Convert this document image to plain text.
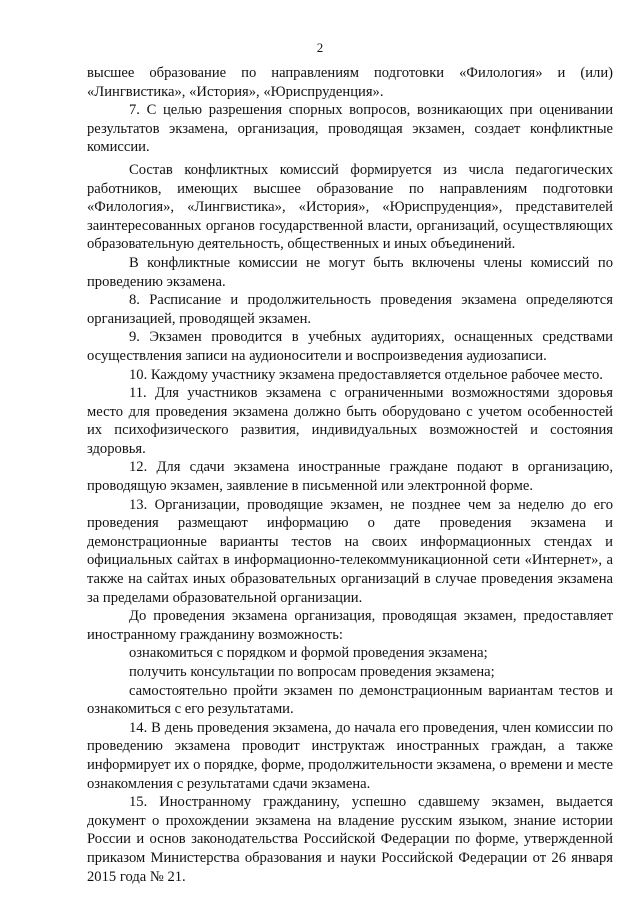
2

высшее образование по направлениям подготовки «Филология» и (или) «Лингвистика», «История», «Юриспруденция».

7. С целью разрешения спорных вопросов, возникающих при оценивании результатов экзамена, организация, проводящая экзамен, создает конфликтные комиссии.

Состав конфликтных комиссий формируется из числа педагогических работников, имеющих высшее образование по направлениям подготовки «Филология», «Лингвистика», «История», «Юриспруденция», представителей заинтересованных органов государственной власти, организаций, осуществляющих образовательную деятельность, общественных и иных объединений.

В конфликтные комиссии не могут быть включены члены комиссий по проведению экзамена.

8. Расписание и продолжительность проведения экзамена определяются организацией, проводящей экзамен.

9. Экзамен проводится в учебных аудиториях, оснащенных средствами осуществления записи на аудионосители и воспроизведения аудиозаписи.

10. Каждому участнику экзамена предоставляется отдельное рабочее место.

11. Для участников экзамена с ограниченными возможностями здоровья место для проведения экзамена должно быть оборудовано с учетом особенностей их психофизического развития, индивидуальных возможностей и состояния здоровья.

12. Для сдачи экзамена иностранные граждане подают в организацию, проводящую экзамен, заявление в письменной или электронной форме.

13. Организации, проводящие экзамен, не позднее чем за неделю до его проведения размещают информацию о дате проведения экзамена и демонстрационные варианты тестов на своих информационных стендах и официальных сайтах в информационно-телекоммуникационной сети «Интернет», а также на сайтах иных образовательных организаций в случае проведения экзамена за пределами образовательной организации.

До проведения экзамена организация, проводящая экзамен, предоставляет иностранному гражданину возможность:

ознакомиться с порядком и формой проведения экзамена;

получить консультации по вопросам проведения экзамена;

самостоятельно пройти экзамен по демонстрационным вариантам тестов и ознакомиться с его результатами.

14. В день проведения экзамена, до начала его проведения, член комиссии по проведению экзамена проводит инструктаж иностранных граждан, а также информирует их о порядке, форме, продолжительности экзамена, о времени и месте ознакомления с результатами сдачи экзамена.

15. Иностранному гражданину, успешно сдавшему экзамен, выдается документ о прохождении экзамена на владение русским языком, знание истории России и основ законодательства Российской Федерации по форме, утвержденной приказом Министерства образования и науки Российской Федерации от 26 января 2015 года № 21.
